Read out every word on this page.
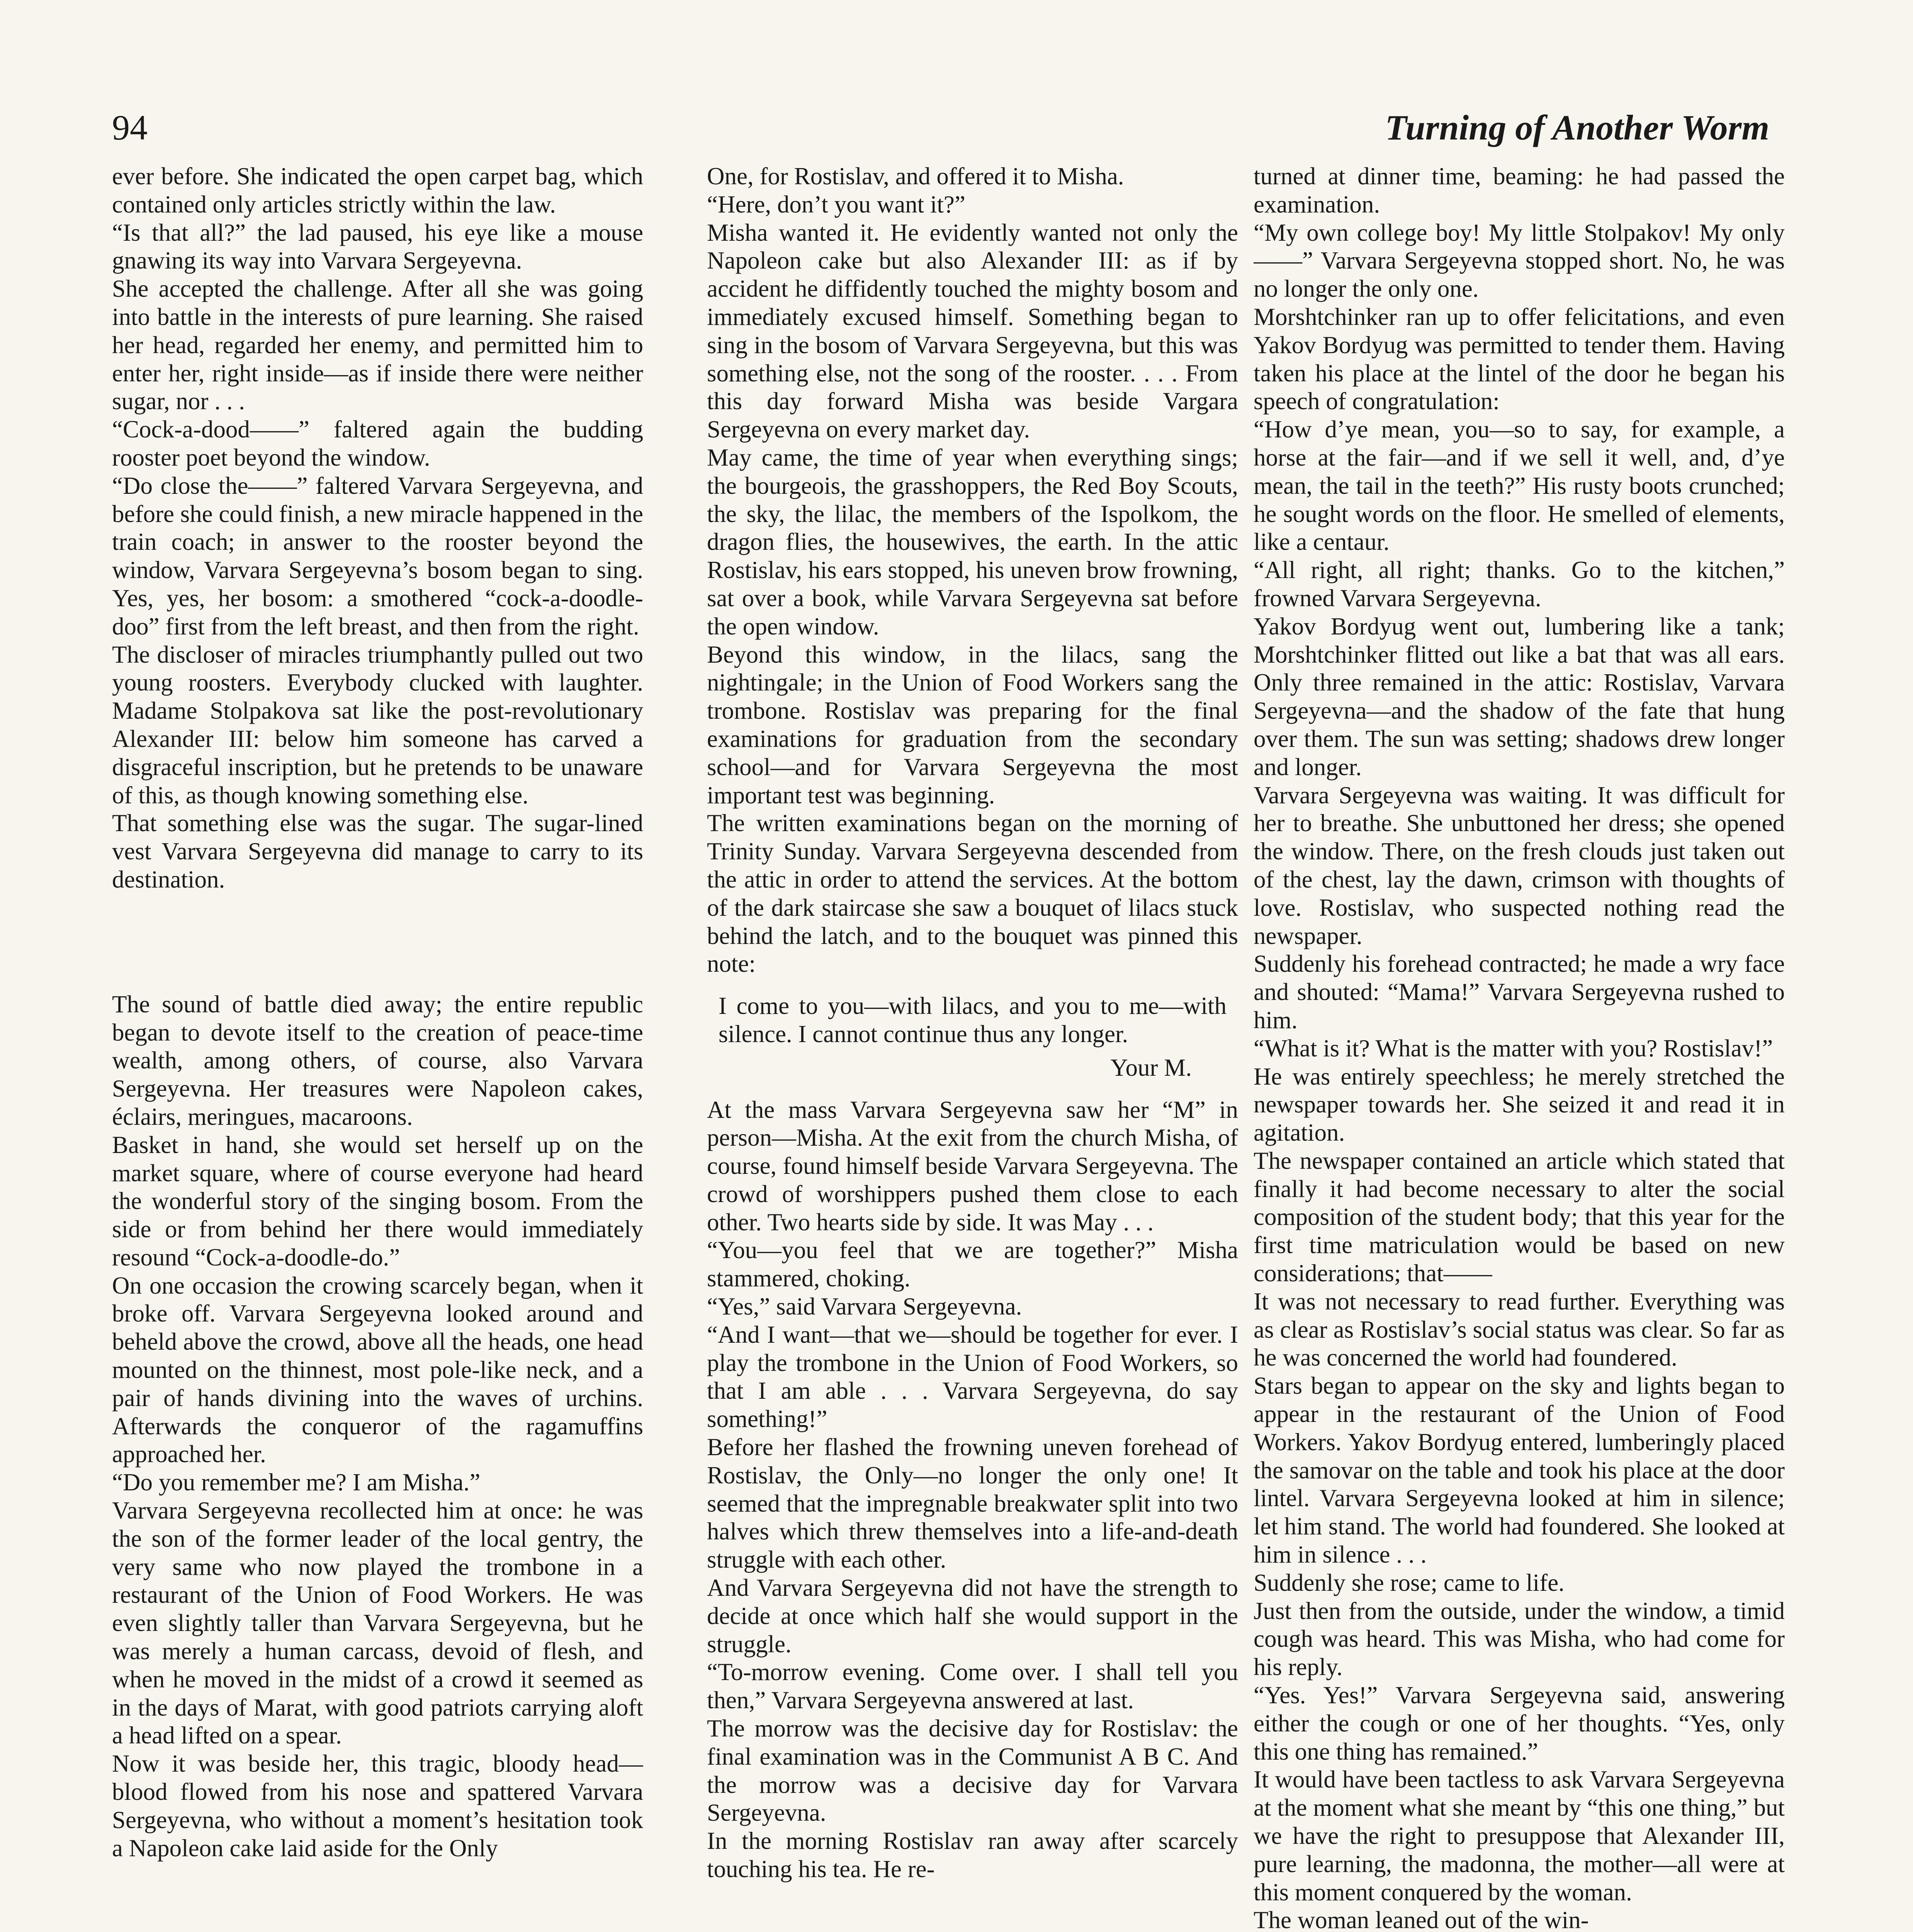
94	Turning of Another Worm

ever before. She indicated the open carpet bag, which contained only articles strictly within the law.

“Is that all?” the lad paused, his eye like a mouse gnawing its way into Varvara Sergeyevna.

She accepted the challenge. After all she was going into battle in the interests of pure learning. She raised her head, regarded her enemy, and permitted him to enter her, right inside—as if inside there were neither sugar, nor . . .

“Cock-a-dood——” faltered again the budding rooster poet beyond the window.

“Do close the——” faltered Varvara Sergeyevna, and before she could finish, a new miracle happened in the train coach; in answer to the rooster beyond the window, Varvara Sergeyevna’s bosom began to sing. Yes, yes, her bosom: a smothered “cock-a-doodle-doo” first from the left breast, and then from the right.

The discloser of miracles triumphantly pulled out two young roosters. Everybody clucked with laughter. Madame Stolpakova sat like the post-revolutionary Alexander III: below him someone has carved a disgraceful inscription, but he pretends to be unaware of this, as though knowing something else.

That something else was the sugar. The sugar-lined vest Varvara Sergeyevna did manage to carry to its destination.

The sound of battle died away; the entire republic began to devote itself to the creation of peace-time wealth, among others, of course, also Varvara Sergeyevna. Her treasures were Napoleon cakes, éclairs, meringues, macaroons.

Basket in hand, she would set herself up on the market square, where of course everyone had heard the wonderful story of the singing bosom. From the side or from behind her there would immediately resound “Cock-a-doodle-do.”

On one occasion the crowing scarcely began, when it broke off. Varvara Sergeyevna looked around and beheld above the crowd, above all the heads, one head mounted on the thinnest, most pole-like neck, and a pair of hands divining into the waves of urchins. Afterwards the conqueror of the ragamuffins approached her.

“Do you remember me? I am Misha.”

Varvara Sergeyevna recollected him at once: he was the son of the former leader of the local gentry, the very same who now played the trombone in a restaurant of the Union of Food Workers. He was even slightly taller than Varvara Sergeyevna, but he was merely a human carcass, devoid of flesh, and when he moved in the midst of a crowd it seemed as in the days of Marat, with good patriots carrying aloft a head lifted on a spear.

Now it was beside her, this tragic, bloody head—blood flowed from his nose and spattered Varvara Sergeyevna, who without a moment’s hesitation took a Napoleon cake laid aside for the Only

One, for Rostislav, and offered it to Misha.

“Here, don’t you want it?”

Misha wanted it. He evidently wanted not only the Napoleon cake but also Alexander III: as if by accident he diffidently touched the mighty bosom and immediately excused himself. Something began to sing in the bosom of Varvara Sergeyevna, but this was something else, not the song of the rooster. . . . From this day forward Misha was beside Vargara Sergeyevna on every market day.

May came, the time of year when everything sings; the bourgeois, the grasshoppers, the Red Boy Scouts, the sky, the lilac, the members of the Ispolkom, the dragon flies, the housewives, the earth. In the attic Rostislav, his ears stopped, his uneven brow frowning, sat over a book, while Varvara Sergeyevna sat before the open window.

Beyond this window, in the lilacs, sang the nightingale; in the Union of Food Workers sang the trombone. Rostislav was preparing for the final examinations for graduation from the secondary school—and for Varvara Sergeyevna the most important test was beginning.

The written examinations began on the morning of Trinity Sunday. Varvara Sergeyevna descended from the attic in order to attend the services. At the bottom of the dark staircase she saw a bouquet of lilacs stuck behind the latch, and to the bouquet was pinned this note:

I come to you—with lilacs, and you to me—with silence. I cannot continue thus any longer.

Your M.

At the mass Varvara Sergeyevna saw her “M” in person—Misha. At the exit from the church Misha, of course, found himself beside Varvara Sergeyevna. The crowd of worshippers pushed them close to each other. Two hearts side by side. It was May . . .

“You—you feel that we are together?” Misha stammered, choking.

“Yes,” said Varvara Sergeyevna.

“And I want—that we—should be together for ever. I play the trombone in the Union of Food Workers, so that I am able . . . Varvara Sergeyevna, do say something!”

Before her flashed the frowning uneven forehead of Rostislav, the Only—no longer the only one! It seemed that the impregnable breakwater split into two halves which threw themselves into a life-and-death struggle with each other.

And Varvara Sergeyevna did not have the strength to decide at once which half she would support in the struggle.

“To-morrow evening. Come over. I shall tell you then,” Varvara Sergeyevna answered at last.

The morrow was the decisive day for Rostislav: the final examination was in the Communist A B C. And the morrow was a decisive day for Varvara Sergeyevna.

In the morning Rostislav ran away after scarcely touching his tea. He re-

turned at dinner time, beaming: he had passed the examination.

“My own college boy! My little Stolpakov! My only——” Varvara Sergeyevna stopped short. No, he was no longer the only one.

Morshtchinker ran up to offer felicitations, and even Yakov Bordyug was permitted to tender them. Having taken his place at the lintel of the door he began his speech of congratulation:

“How d’ye mean, you—so to say, for example, a horse at the fair—and if we sell it well, and, d’ye mean, the tail in the teeth?” His rusty boots crunched; he sought words on the floor. He smelled of elements, like a centaur.

“All right, all right; thanks. Go to the kitchen,” frowned Varvara Sergeyevna.

Yakov Bordyug went out, lumbering like a tank; Morshtchinker flitted out like a bat that was all ears. Only three remained in the attic: Rostislav, Varvara Sergeyevna—and the shadow of the fate that hung over them. The sun was setting; shadows drew longer and longer.

Varvara Sergeyevna was waiting. It was difficult for her to breathe. She unbuttoned her dress; she opened the window. There, on the fresh clouds just taken out of the chest, lay the dawn, crimson with thoughts of love. Rostislav, who suspected nothing read the newspaper.

Suddenly his forehead contracted; he made a wry face and shouted: “Mama!” Varvara Sergeyevna rushed to him.

“What is it? What is the matter with you? Rostislav!”

He was entirely speechless; he merely stretched the newspaper towards her. She seized it and read it in agitation.

The newspaper contained an article which stated that finally it had become necessary to alter the social composition of the student body; that this year for the first time matriculation would be based on new considerations; that——

It was not necessary to read further. Everything was as clear as Rostislav’s social status was clear. So far as he was concerned the world had foundered.

Stars began to appear on the sky and lights began to appear in the restaurant of the Union of Food Workers. Yakov Bordyug entered, lumberingly placed the samovar on the table and took his place at the door lintel. Varvara Sergeyevna looked at him in silence; let him stand. The world had foundered. She looked at him in silence . . .

Suddenly she rose; came to life.

Just then from the outside, under the window, a timid cough was heard. This was Misha, who had come for his reply.

“Yes. Yes!” Varvara Sergeyevna said, answering either the cough or one of her thoughts. “Yes, only this one thing has remained.”

It would have been tactless to ask Varvara Sergeyevna at the moment what she meant by “this one thing,” but we have the right to presuppose that Alexander III, pure learning, the madonna, the mother—all were at this moment conquered by the woman.

The woman leaned out of the win-
